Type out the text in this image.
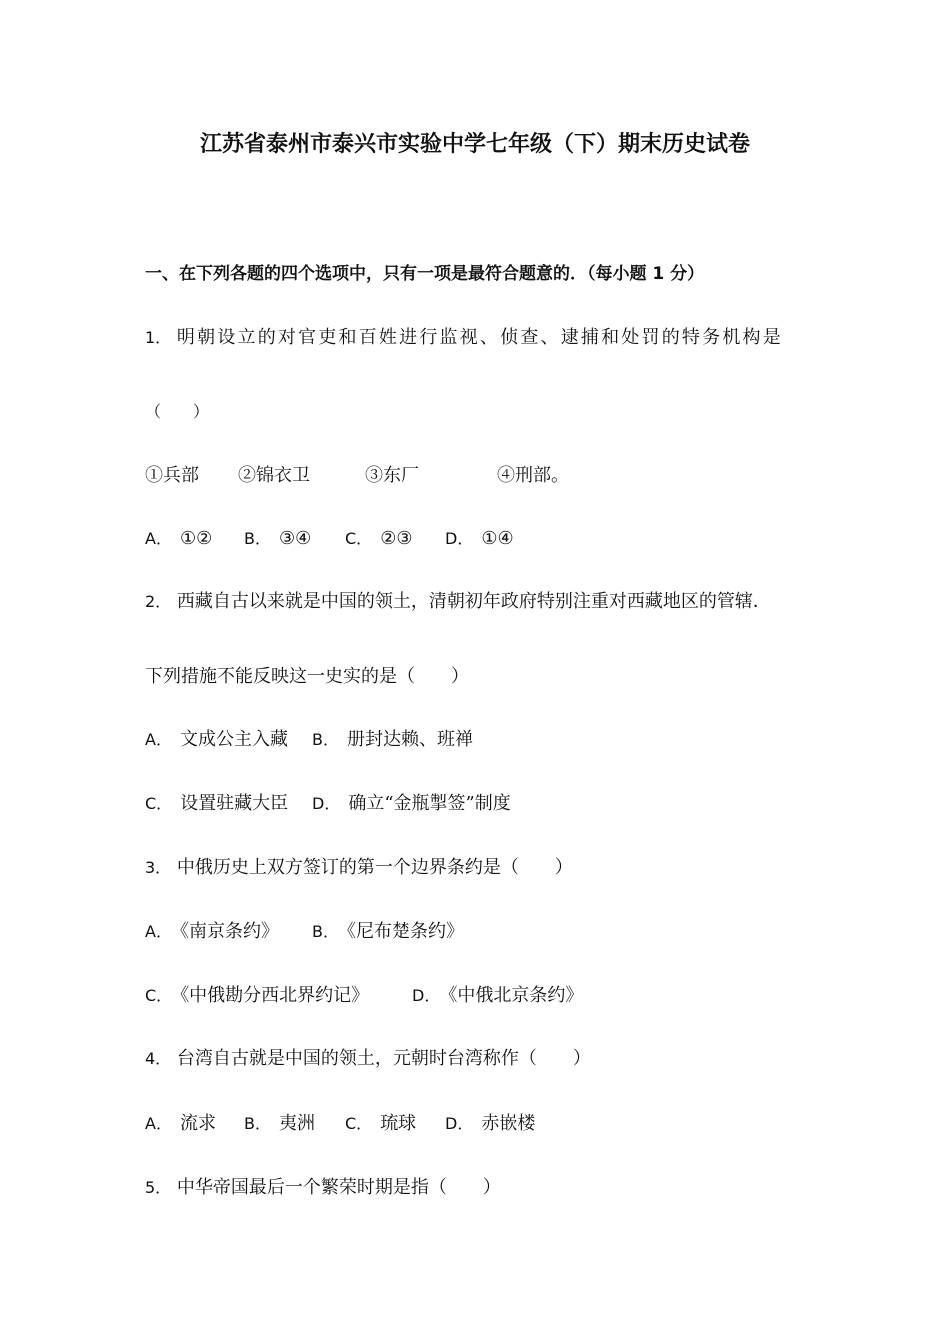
江苏省泰州市泰兴市实验中学七年级（下）期末历史试卷
一、在下列各题的四个选项中，只有一项是最符合题意的．（每小题 1 分）
1． 明朝设立的对官吏和百姓进行监视、侦查、逮捕和处罚的特务机构是
（　　）
①兵部 ②锦衣卫	③东厂	④刑部。
A． ①② B． ③④ C． ②③ D． ①④
2． 西藏自古以来就是中国的领土，清朝初年政府特别注重对西藏地区的管辖．
下列措施不能反映这一史实的是（　　）
A． 文成公主入藏 B． 册封达赖、班禅
C． 设置驻藏大臣 D． 确立“金瓶掣签”制度
3． 中俄历史上双方签订的第一个边界条约是（　　）
A． 《南京条约》 B． 《尼布楚条约》
C． 《中俄勘分西北界约记》	D． 《中俄北京条约》
4． 台湾自古就是中国的领土，元朝时台湾称作（　　）
A． 流求 B． 夷洲 C． 琉球 D． 赤嵌楼
5． 中华帝国最后一个繁荣时期是指（　　）
